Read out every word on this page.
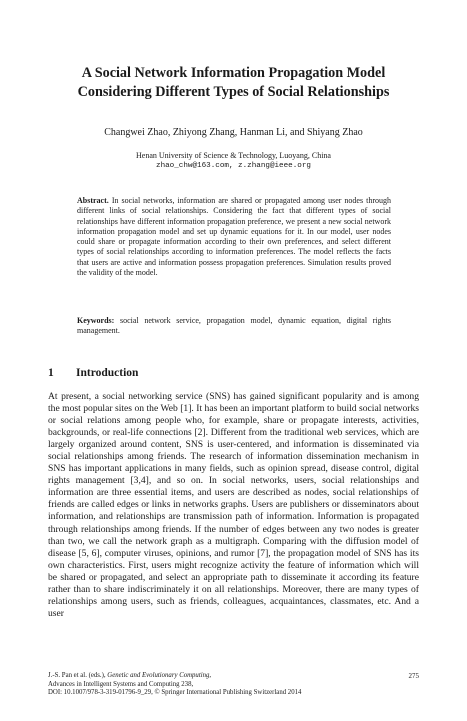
A Social Network Information Propagation Model
Considering Different Types of Social Relationships
Changwei Zhao, Zhiyong Zhang, Hanman Li, and Shiyang Zhao
Henan University of Science & Technology, Luoyang, China
zhao_chw@163.com, z.zhang@ieee.org
Abstract. In social networks, information are shared or propagated among user nodes through different links of social relationships. Considering the fact that different types of social relationships have different information propagation preference, we present a new social network information propagation model and set up dynamic equations for it. In our model, user nodes could share or propagate information according to their own preferences, and select different types of social relationships according to information preferences. The model reflects the facts that users are active and information possess propagation preferences. Simulation results proved the validity of the model.
Keywords: social network service, propagation model, dynamic equation, digital rights management.
1 Introduction
At present, a social networking service (SNS) has gained significant popularity and is among the most popular sites on the Web [1]. It has been an important platform to build social networks or social relations among people who, for example, share or propagate interests, activities, backgrounds, or real-life connections [2]. Different from the traditional web services, which are largely organized around content, SNS is user-centered, and information is disseminated via social relationships among friends. The research of information dissemination mechanism in SNS has important applications in many fields, such as opinion spread, disease control, digital rights management [3,4], and so on. In social networks, users, social relationships and information are three essential items, and users are described as nodes, social relationships of friends are called edges or links in networks graphs. Users are publishers or disseminators about information, and relationships are transmission path of information. Information is propagated through relationships among friends. If the number of edges between any two nodes is greater than two, we call the network graph as a multigraph. Comparing with the diffusion model of disease [5, 6], computer viruses, opinions, and rumor [7], the propagation model of SNS has its own characteristics. First, users might recognize activity the feature of information which will be shared or propagated, and select an appropriate path to disseminate it according its feature rather than to share indiscriminately it on all relationships. Moreover, there are many types of relationships among users, such as friends, colleagues, acquaintances, classmates, etc. And a user
J.-S. Pan et al. (eds.), Genetic and Evolutionary Computing,
Advances in Intelligent Systems and Computing 238,
DOI: 10.1007/978-3-319-01796-9_29, © Springer International Publishing Switzerland 2014
275
